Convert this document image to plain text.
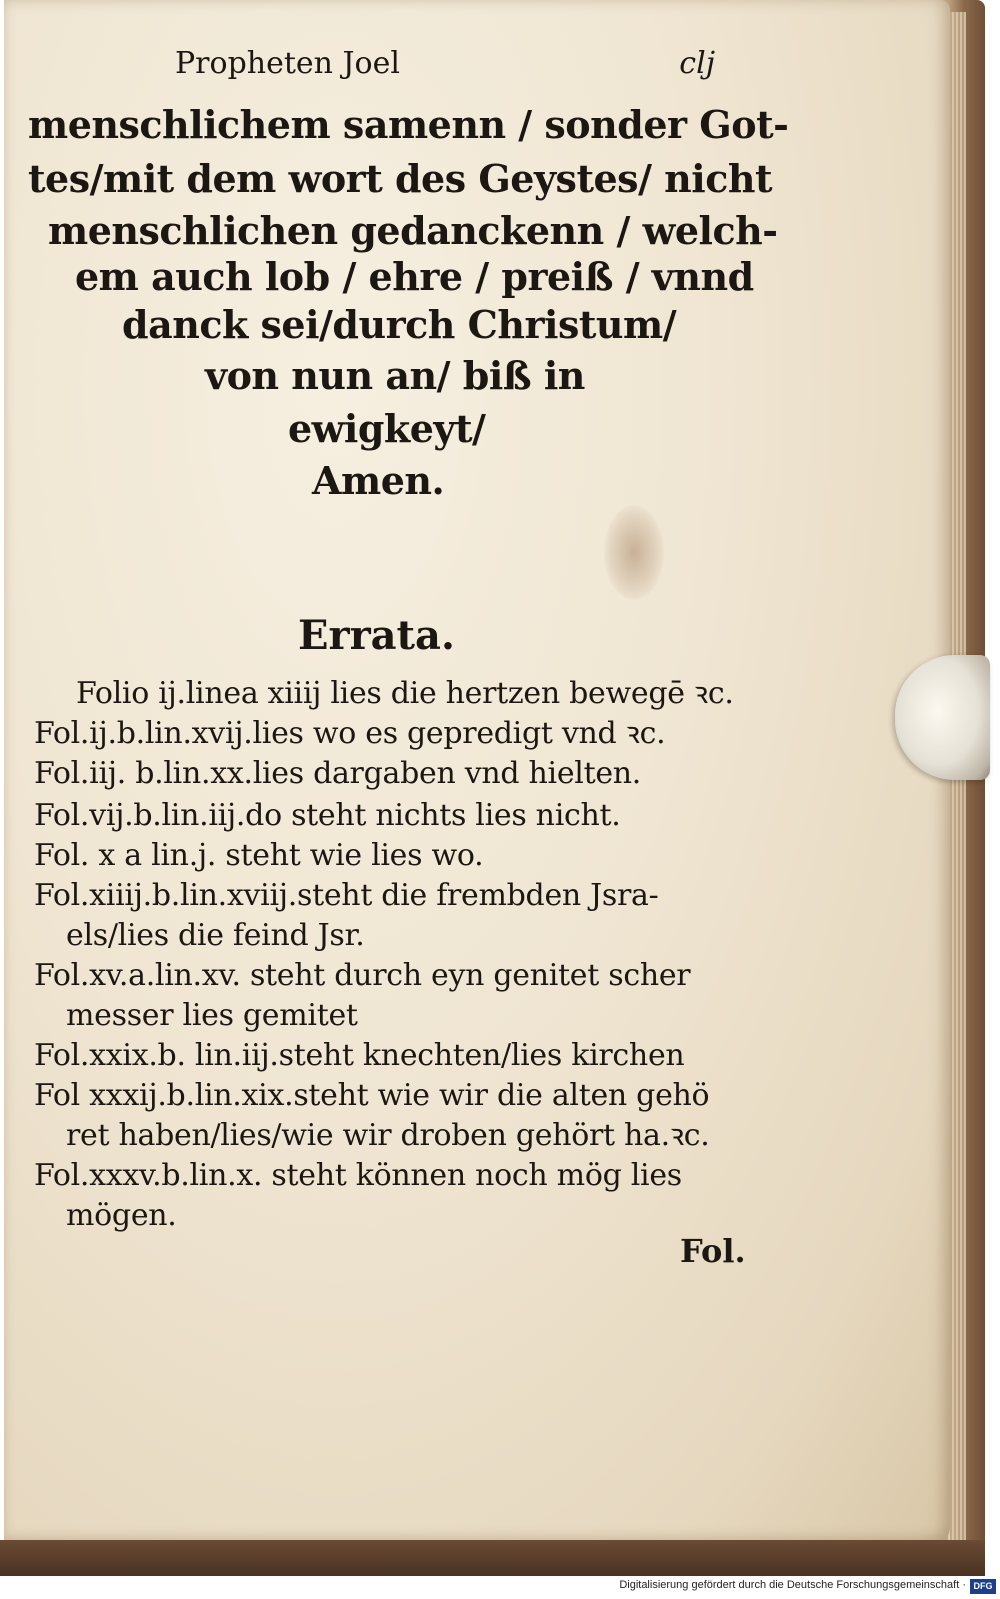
Propheten Joel	clj
menschlichem samenn / sonder Got-
tes/mit dem wort des Geystes/ nicht
menschlichen gedanckenn / welch-
em auch lob / ehre / preiß / vnnd
danck sei/durch Christum/
von nun an/ biß in
ewigkeyt/
Amen.
Errata.
Folio ij.linea xiiij lies die hertzen bewegē ꝛc.
Fol.ij.b.lin.xvij.lies wo es gepredigt vnd ꝛc.
Fol.iij. b.lin.xx.lies dargaben vnd hielten.
Fol.vij.b.lin.iij.do steht nichts lies nicht.
Fol. x a lin.j. steht wie lies wo.
Fol.xiiij.b.lin.xviij.steht die frembden Jsra-
els/lies die feind Jsr.
Fol.xv.a.lin.xv. steht durch eyn genitet scher
messer lies gemitet
Fol.xxix.b. lin.iij.steht knechten/lies kirchen
Fol xxxij.b.lin.xix.steht wie wir die alten gehö
ret haben/lies/wie wir droben gehört ha.ꝛc.
Fol.xxxv.b.lin.x. steht können noch mög lies
mögen.
Fol.
Digitalisierung gefördert durch die Deutsche Forschungsgemeinschaft · DFG
